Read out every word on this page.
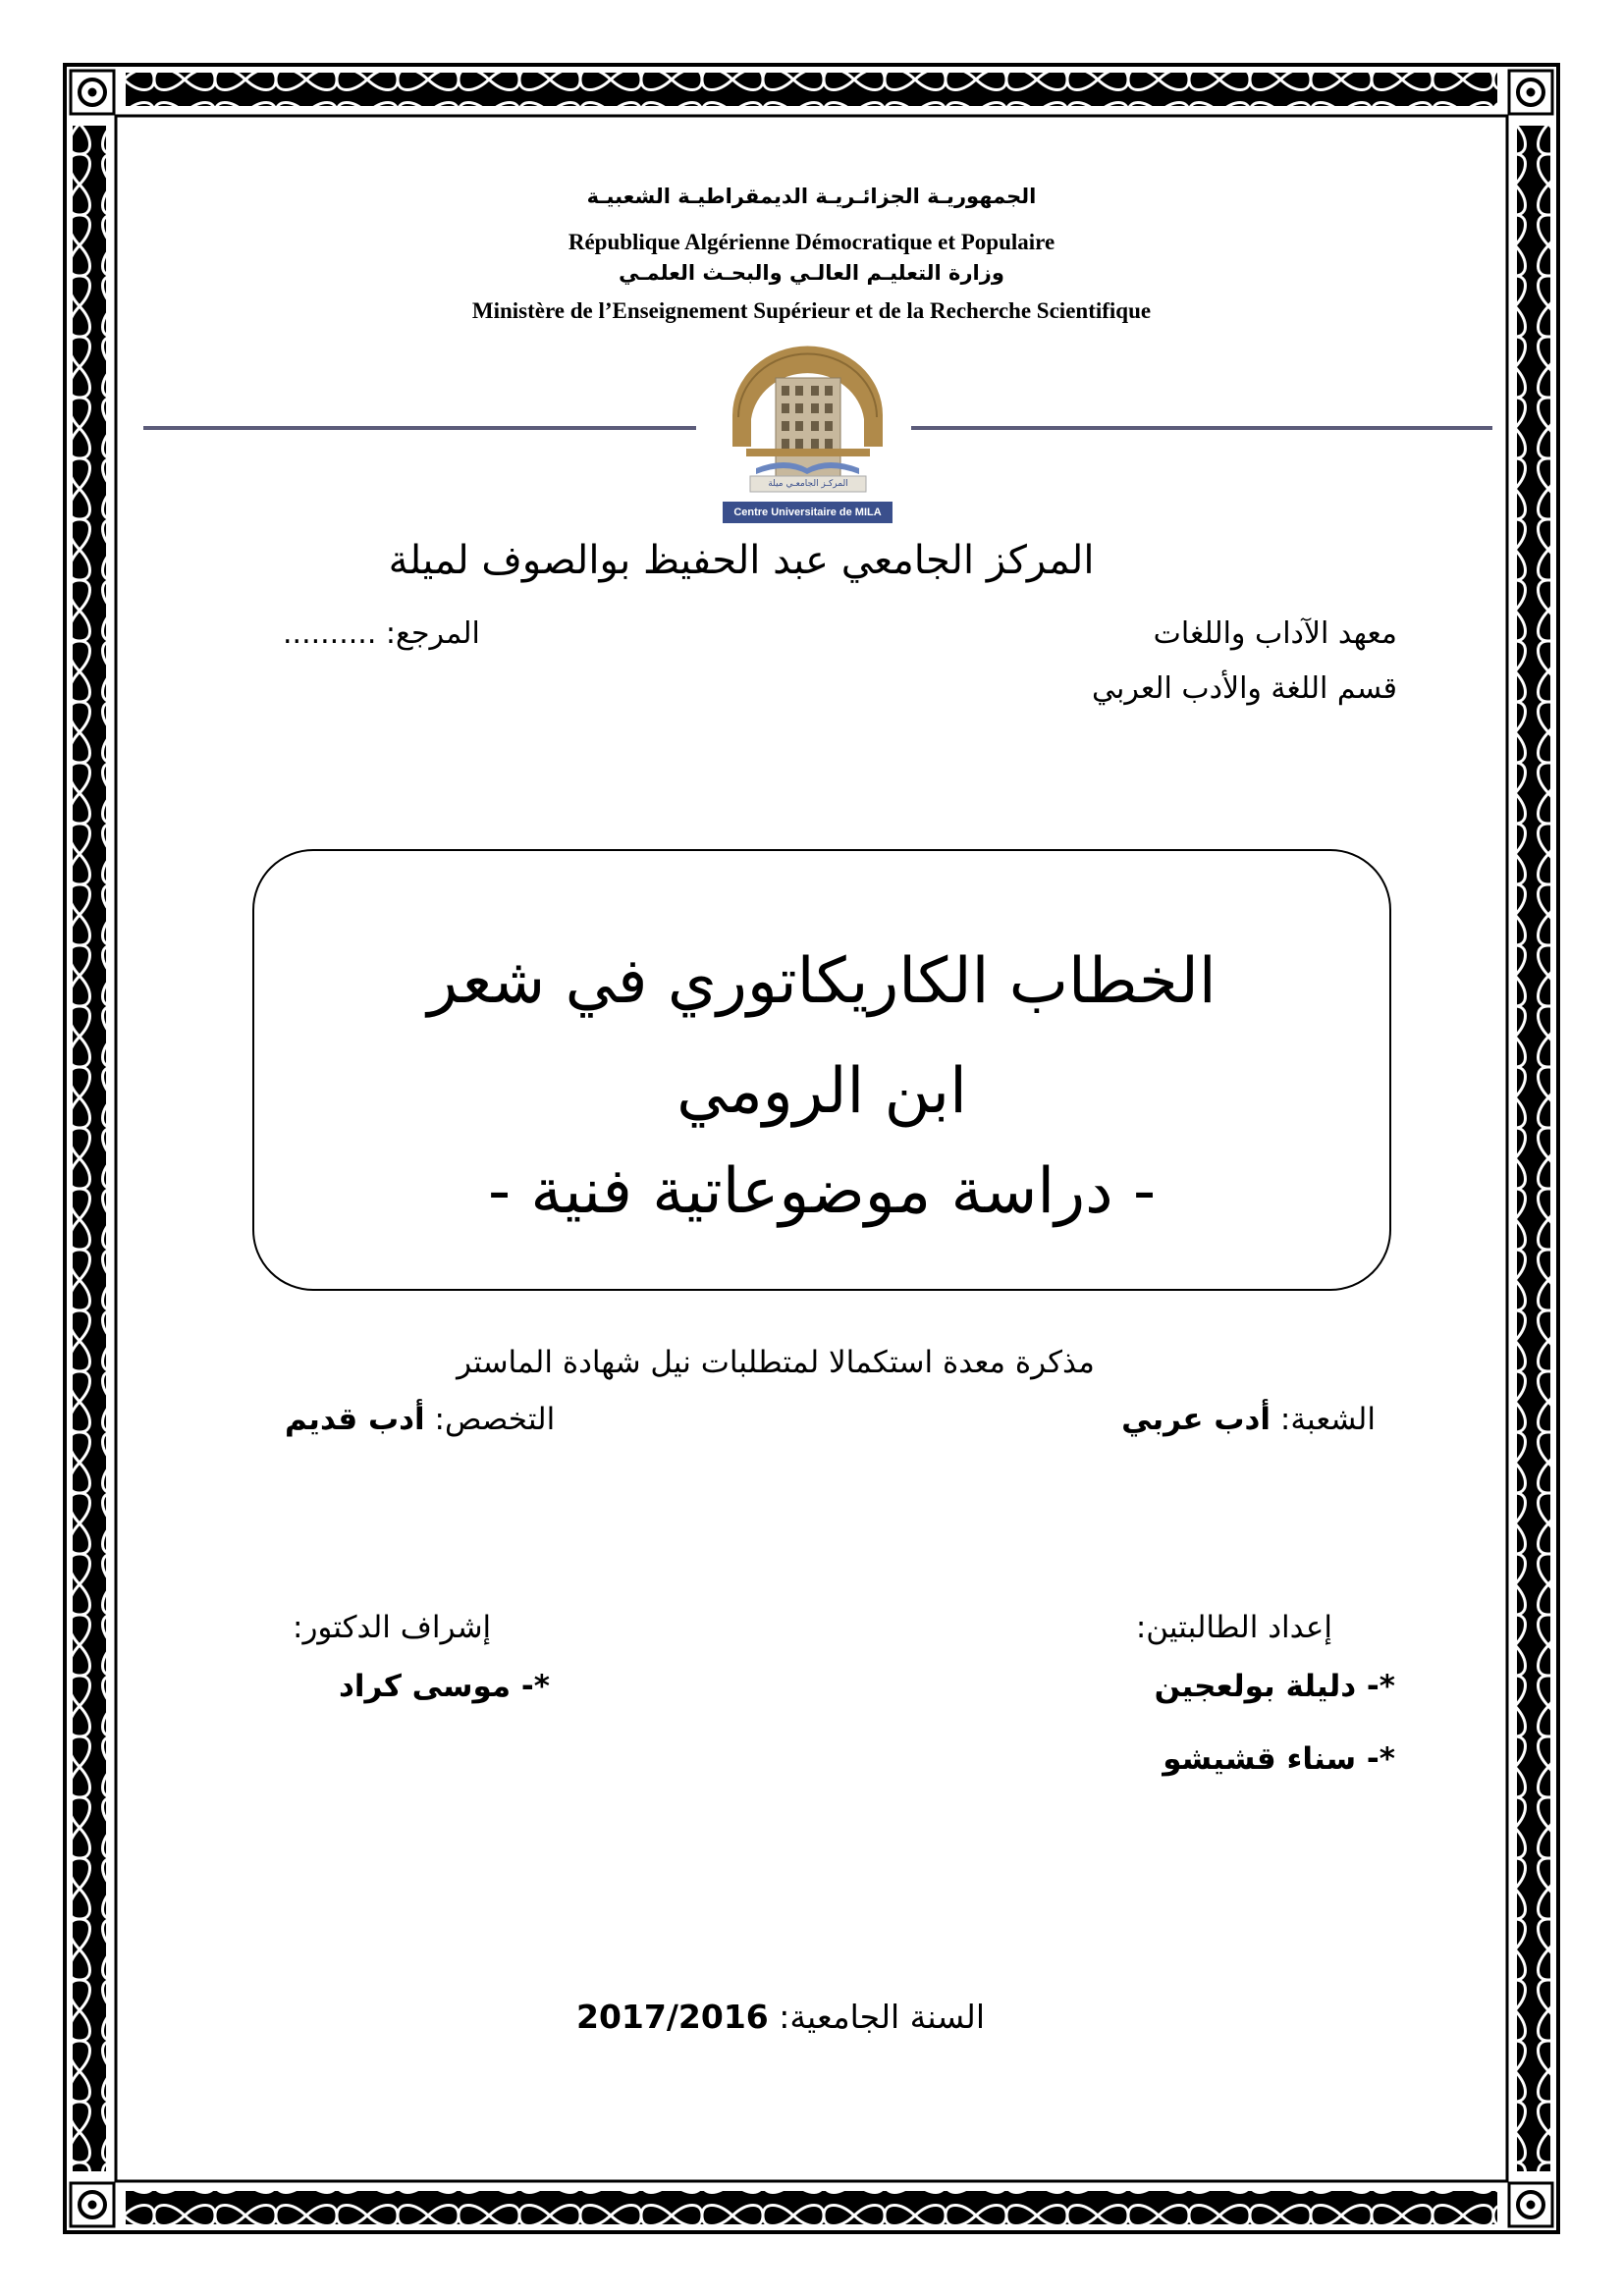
الجمهوريـة الجزائـريـة الديمقراطيـة الشعبيـة
République Algérienne Démocratique et Populaire
وزارة التعليـم العالـي والبحـث العلمـي
Ministère de l’Enseignement Supérieur et de la Recherche Scientifique
المركـز الجامعـي ميلة
Centre Universitaire de MILA
المركز الجامعي عبد الحفيظ بوالصوف لميلة
معهد الآداب واللغات
المرجع: ..........
قسم اللغة والأدب العربي
الخطاب الكاريكاتوري في شعر
ابن الرومي
- دراسة موضوعاتية فنية -
مذكرة معدة استكمالا لمتطلبات نيل شهادة الماستر
الشعبة: أدب عربي
التخصص: أدب قديم
إعداد الطالبتين:
*- دليلة بولعجين
*- سناء قشيشو
إشراف الدكتور:
*- موسى كراد
السنة الجامعية: 2017/2016
